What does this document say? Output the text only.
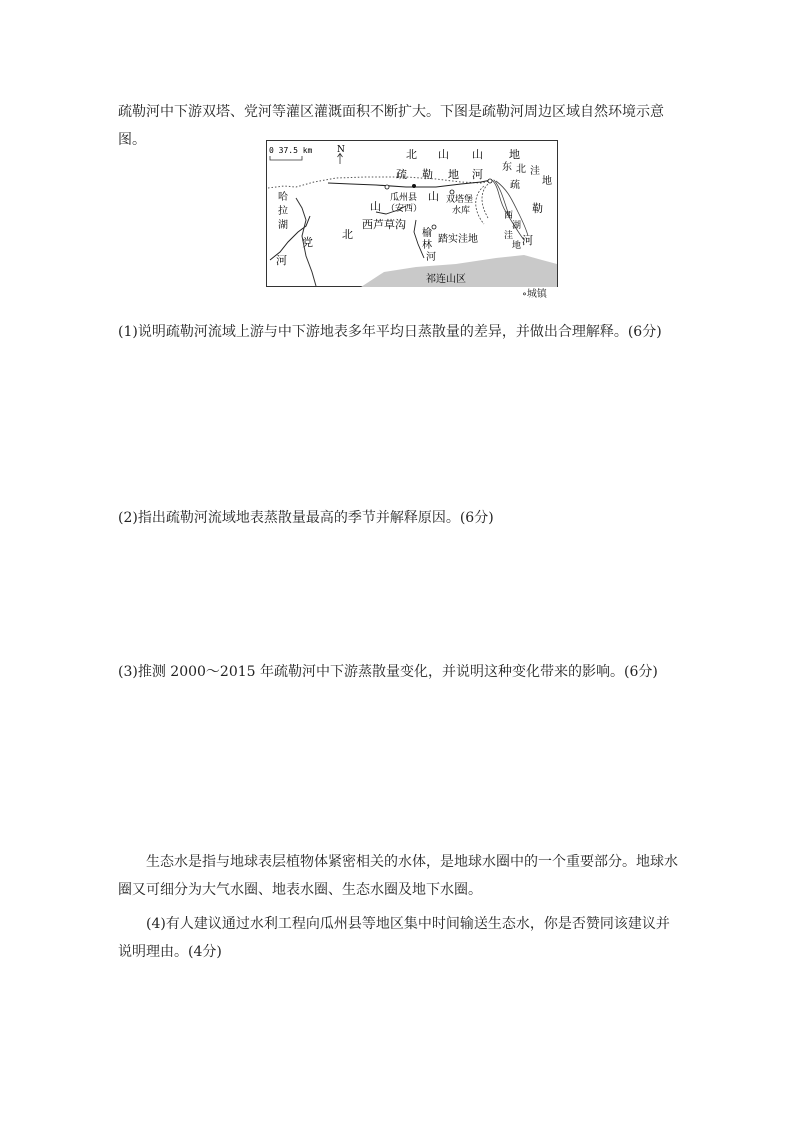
疏勒河中下游双塔、党河等灌区灌溉面积不断扩大。下图是疏勒河周边区域自然环境示意图。

0 37.5 km	N	北 山 山 地
疏 勒 地 河
东 北 洼
地
哈
拉
湖
党
河
北
山
山
瓜州县
（安西）
双塔堡
水库
西芦草沟
榆
林
河
踏实洼地
西
湖
洼
地
疏
勒
河
祁连山区
∘城镇

(1)说明疏勒河流域上游与中下游地表多年平均日蒸散量的差异，并做出合理解释。(6分)

(2)指出疏勒河流域地表蒸散量最高的季节并解释原因。(6分)

(3)推测 2000～2015 年疏勒河中下游蒸散量变化，并说明这种变化带来的影响。(6分)

生态水是指与地球表层植物体紧密相关的水体，是地球水圈中的一个重要部分。地球水圈又可细分为大气水圈、地表水圈、生态水圈及地下水圈。

(4)有人建议通过水利工程向瓜州县等地区集中时间输送生态水，你是否赞同该建议并说明理由。(4分)
